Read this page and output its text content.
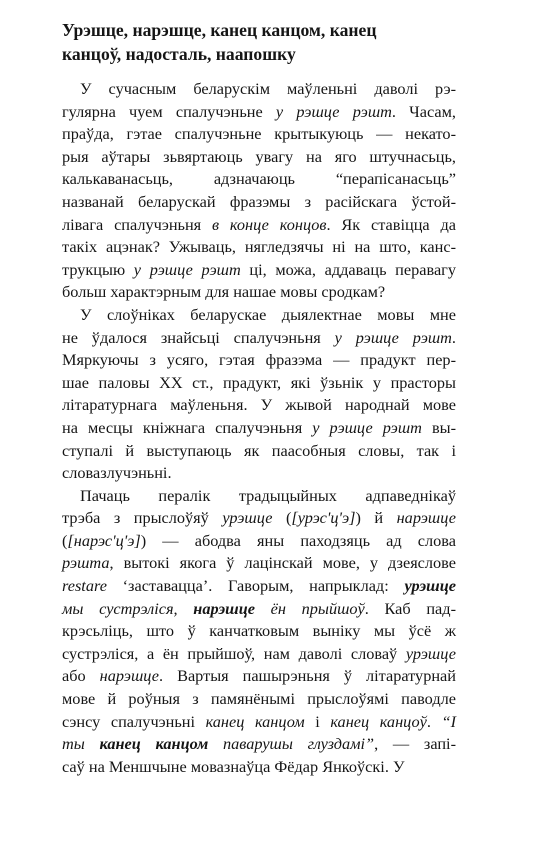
Урэшце, нарэшце, канец канцом, канец
канцоў, надосталь, наапошку
У сучасным беларускім маўленьні даволі рэ-
гулярна чуем спалучэньне у рэшце рэшт. Часам,
праўда, гэтае спалучэньне крытыкуюць — некато-
рыя аўтары зьвяртаюць увагу на яго штучнасьць,
калькаванасьць, адзначаюць “перапісанасьць”
названай беларускай фразэмы з расійскага ўстой-
лівага спалучэньня в конце концов. Як ставіцца да
такіх ацэнак? Ужываць, нягледзячы ні на што, канс-
трукцыю у рэшце рэшт ці, можа, аддаваць перавагу
больш характэрным для нашае мовы сродкам?
У слоўніках беларускае дыялектнае мовы мне
не ўдалося знайсьці спалучэньня у рэшце рэшт.
Мяркуючы з усяго, гэтая фразэма — прадукт пер-
шае паловы ХХ ст., прадукт, які ўзьнік у прасторы
літаратурнага маўленьня. У жывой народнай мове
на месцы кніжнага спалучэньня у рэшце рэшт вы-
ступалі й выступаюць як паасобныя словы, так і
словазлучэньні.
Пачаць пералік традыцыйных адпаведнікаў
трэба з прыслоўяў урэшце ([урэс'ц'э]) й нарэшце
([нарэс'ц'э]) — абодва яны паходзяць ад слова
рэшта, вытокі якога ў лацінскай мове, у дзеяслове
restare ‘заставацца’. Гаворым, напрыклад: урэшце
мы сустрэліся, нарэшце ён прыйшоў. Каб пад-
крэсьліць, што ў канчатковым выніку мы ўсё ж
сустрэліся, а ён прыйшоў, нам даволі словаў урэшце
або нарэшце. Вартыя пашырэньня ў літаратурнай
мове й роўныя з памянёнымі прыслоўямі паводле
сэнсу спалучэньні канец канцом і канец канцоў. “І
ты канец канцом паварушы глуздамі”, — запі-
саў на Меншчыне мовазнаўца Фёдар Янкоўскі. У
